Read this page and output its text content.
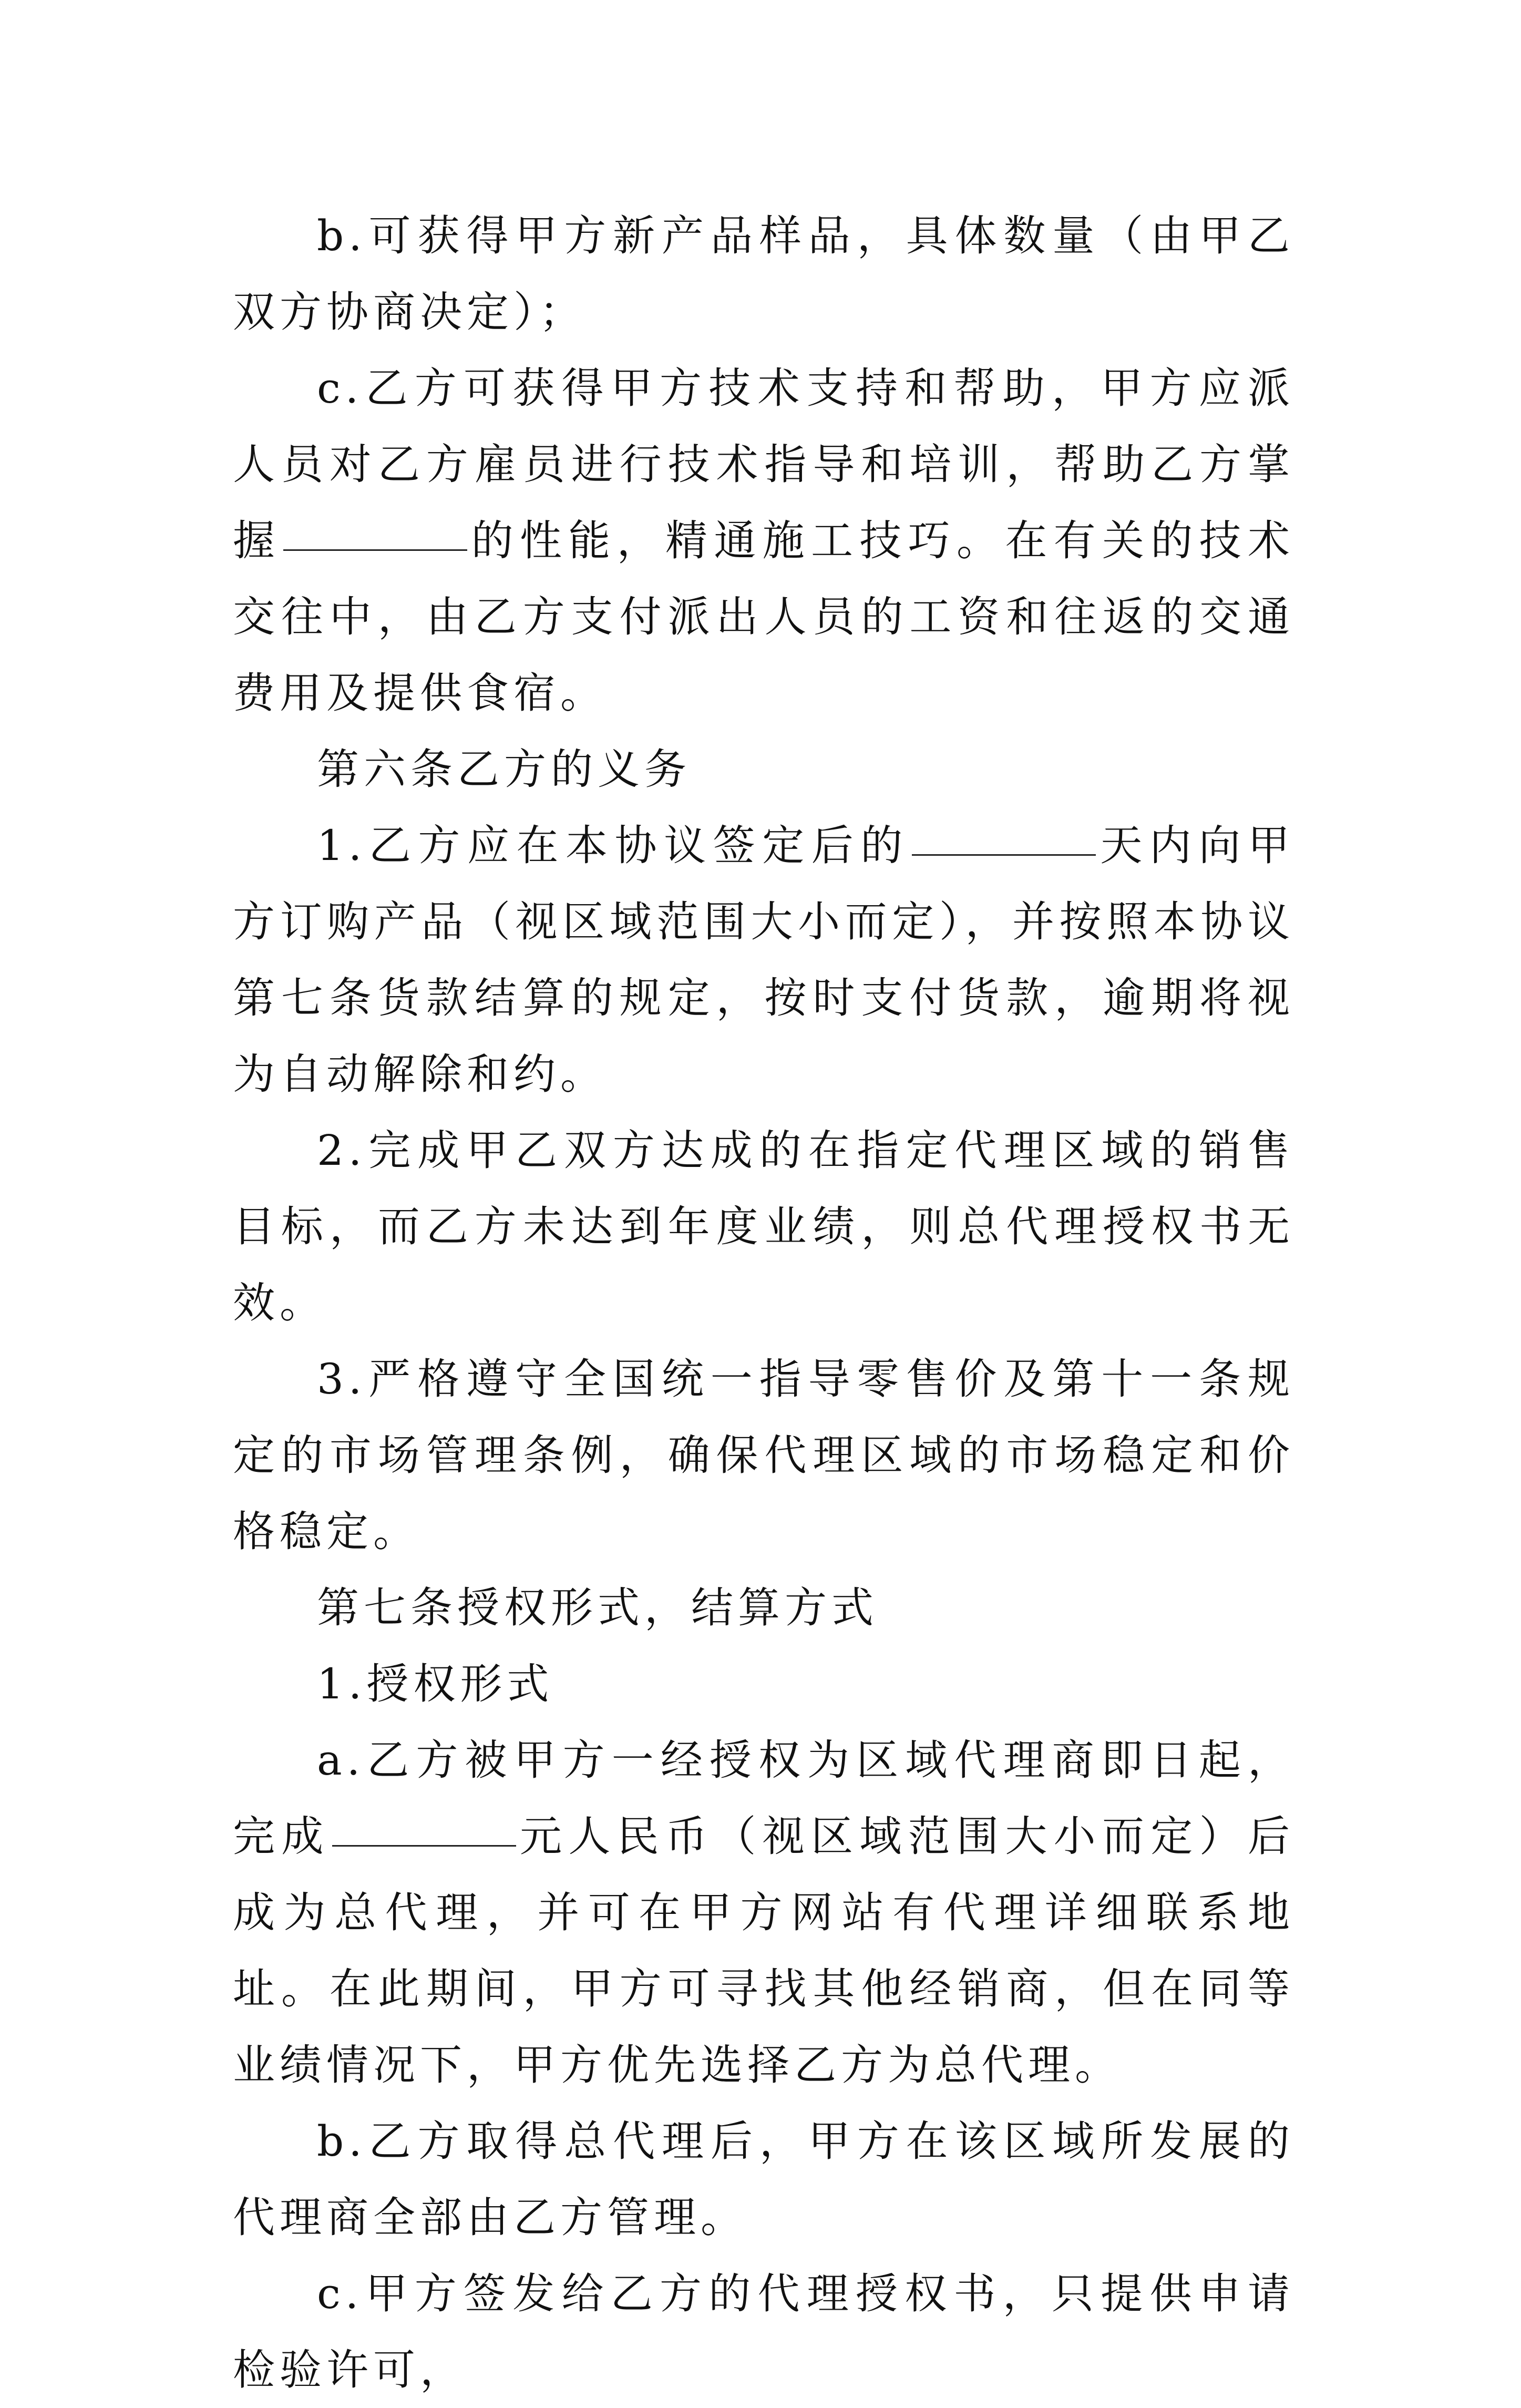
b.可获得甲方新产品样品，具体数量（由甲乙双方协商决定）；

c.乙方可获得甲方技术支持和帮助，甲方应派人员对乙方雇员进行技术指导和培训，帮助乙方掌握	的性能，精通施工技巧。在有关的技术交往中，由乙方支付派出人员的工资和往返的交通费用及提供食宿。

第六条乙方的义务

1.乙方应在本协议签定后的	天内向甲方订购产品（视区域范围大小而定），并按照本协议第七条货款结算的规定，按时支付货款，逾期将视为自动解除和约。

2.完成甲乙双方达成的在指定代理区域的销售目标，而乙方未达到年度业绩，则总代理授权书无效。

3.严格遵守全国统一指导零售价及第十一条规定的市场管理条例，确保代理区域的市场稳定和价格稳定。

第七条授权形式，结算方式

1.授权形式

a.乙方被甲方一经授权为区域代理商即日起，完成	元人民币（视区域范围大小而定）后成为总代理，并可在甲方网站有代理详细联系地址。在此期间，甲方可寻找其他经销商，但在同等业绩情况下，甲方优先选择乙方为总代理。

b.乙方取得总代理后，甲方在该区域所发展的代理商全部由乙方管理。

c.甲方签发给乙方的代理授权书，只提供申请检验许可，
